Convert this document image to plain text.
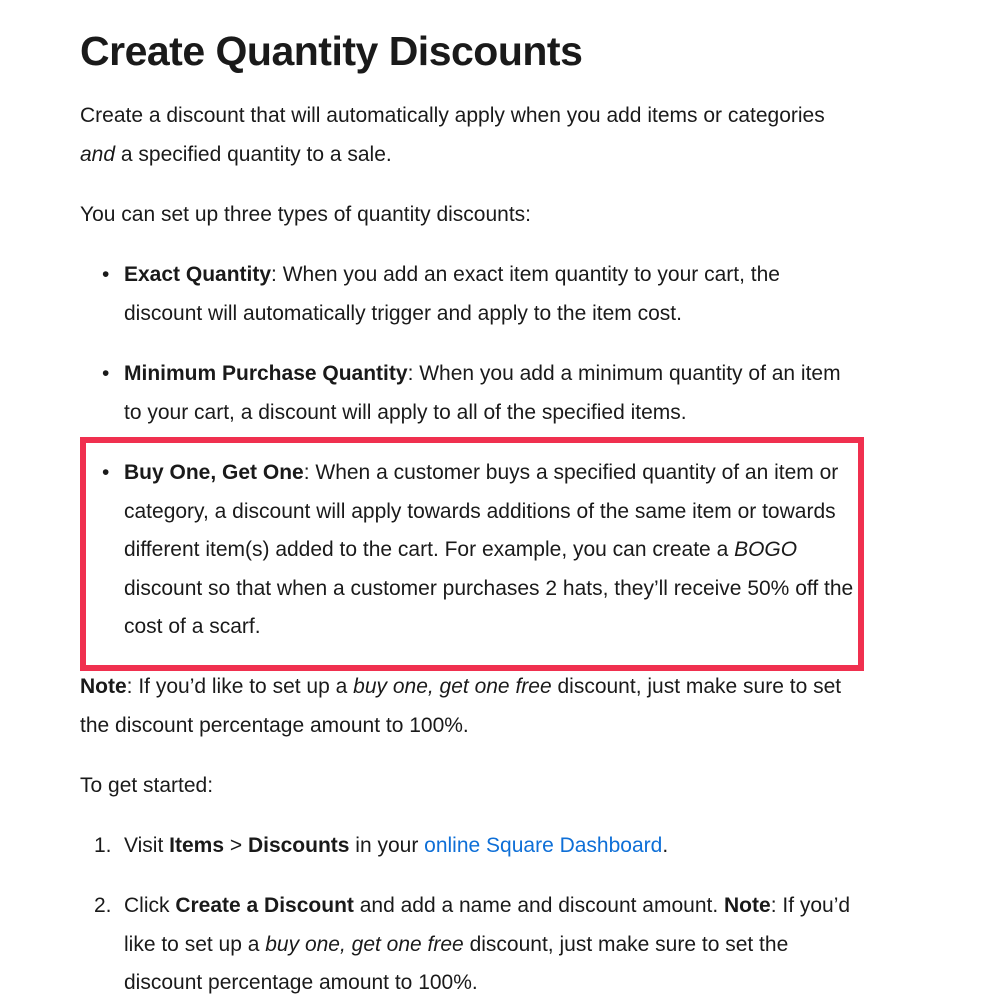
Create Quantity Discounts
Create a discount that will automatically apply when you add items or categories and a specified quantity to a sale.
You can set up three types of quantity discounts:
• Exact Quantity: When you add an exact item quantity to your cart, the discount will automatically trigger and apply to the item cost.
• Minimum Purchase Quantity: When you add a minimum quantity of an item to your cart, a discount will apply to all of the specified items.
• Buy One, Get One: When a customer buys a specified quantity of an item or category, a discount will apply towards additions of the same item or towards different item(s) added to the cart. For example, you can create a BOGO discount so that when a customer purchases 2 hats, they’ll receive 50% off the cost of a scarf.
Note: If you’d like to set up a buy one, get one free discount, just make sure to set the discount percentage amount to 100%.
To get started:
1. Visit Items > Discounts in your online Square Dashboard.
2. Click Create a Discount and add a name and discount amount. Note: If you’d like to set up a buy one, get one free discount, just make sure to set the discount percentage amount to 100%.
